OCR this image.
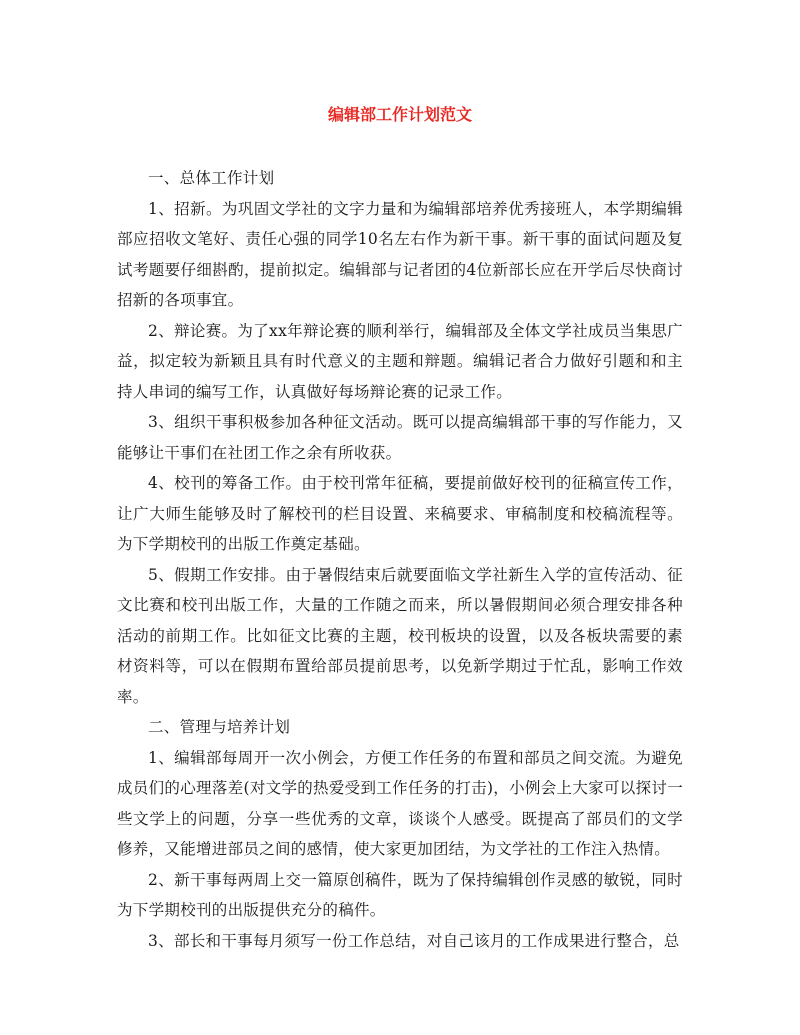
编辑部工作计划范文

一、总体工作计划

1、招新。为巩固文学社的文字力量和为编辑部培养优秀接班人，本学期编辑部应招收文笔好、责任心强的同学10名左右作为新干事。新干事的面试问题及复试考题要仔细斟酌，提前拟定。编辑部与记者团的4位新部长应在开学后尽快商讨招新的各项事宜。

2、辩论赛。为了xx年辩论赛的顺利举行，编辑部及全体文学社成员当集思广益，拟定较为新颖且具有时代意义的主题和辩题。编辑记者合力做好引题和和主持人串词的编写工作，认真做好每场辩论赛的记录工作。

3、组织干事积极参加各种征文活动。既可以提高编辑部干事的写作能力，又能够让干事们在社团工作之余有所收获。

4、校刊的筹备工作。由于校刊常年征稿，要提前做好校刊的征稿宣传工作，让广大师生能够及时了解校刊的栏目设置、来稿要求、审稿制度和校稿流程等。为下学期校刊的出版工作奠定基础。

5、假期工作安排。由于暑假结束后就要面临文学社新生入学的宣传活动、征文比赛和校刊出版工作，大量的工作随之而来，所以暑假期间必须合理安排各种活动的前期工作。比如征文比赛的主题，校刊板块的设置，以及各板块需要的素材资料等，可以在假期布置给部员提前思考，以免新学期过于忙乱，影响工作效率。

二、管理与培养计划

1、编辑部每周开一次小例会，方便工作任务的布置和部员之间交流。为避免成员们的心理落差(对文学的热爱受到工作任务的打击)，小例会上大家可以探讨一些文学上的问题，分享一些优秀的文章，谈谈个人感受。既提高了部员们的文学修养，又能增进部员之间的感情，使大家更加团结，为文学社的工作注入热情。

2、新干事每两周上交一篇原创稿件，既为了保持编辑创作灵感的敏锐，同时为下学期校刊的出版提供充分的稿件。

3、部长和干事每月须写一份工作总结，对自己该月的工作成果进行整合，总
